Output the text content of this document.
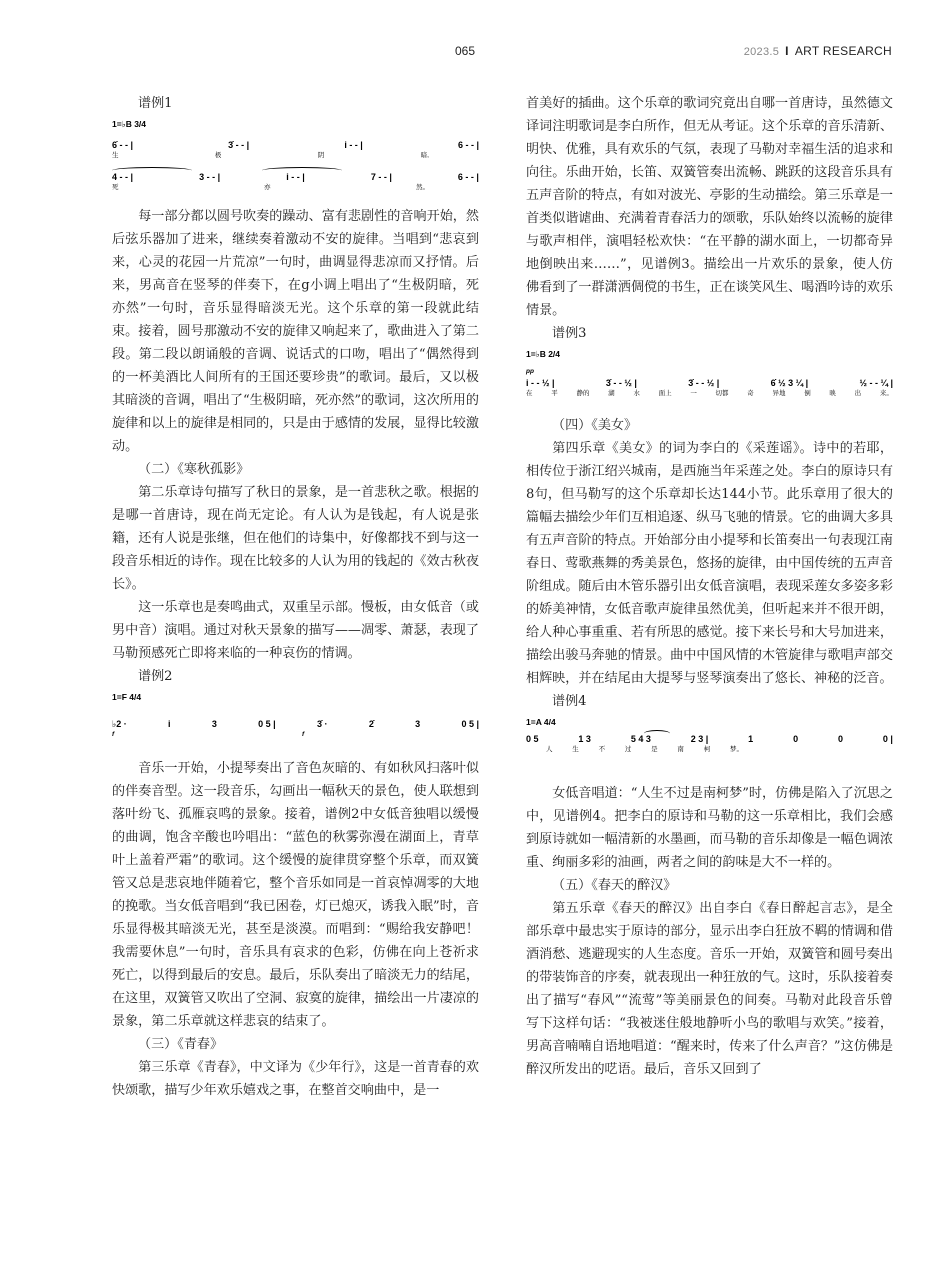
065	2023.5 I ART RESEARCH

谱例1

1=♭B 3/4
6̇ - - |	3̇ - - |	i - - |	6 - - |
生	极	阴	暗,
4 - - |	3 - - |	i - - |	7 - - |	6 - - |
死	亦	然。

每一部分都以圆号吹奏的躁动、富有悲剧性的音响开始，然后弦乐器加了进来，继续奏着激动不安的旋律。当唱到“悲哀到来，心灵的花园一片荒凉”一句时，曲调显得悲凉而又抒情。后来，男高音在竖琴的伴奏下，在g小调上唱出了“生极阴暗，死亦然”一句时，音乐显得暗淡无光。这个乐章的第一段就此结束。接着，圆号那激动不安的旋律又响起来了，歌曲进入了第二段。第二段以朗诵般的音调、说话式的口吻，唱出了“偶然得到的一杯美酒比人间所有的王国还要珍贵”的歌词。最后，又以极其暗淡的音调，唱出了“生极阴暗，死亦然”的歌词，这次所用的旋律和以上的旋律是相同的，只是由于感情的发展，显得比较激动。

（二）《寒秋孤影》

第二乐章诗句描写了秋日的景象，是一首悲秋之歌。根据的是哪一首唐诗，现在尚无定论。有人认为是钱起，有人说是张籍，还有人说是张继，但在他们的诗集中，好像都找不到与这一段音乐相近的诗作。现在比较多的人认为用的钱起的《效古秋夜长》。

这一乐章也是奏鸣曲式，双重呈示部。慢板，由女低音（或男中音）演唱。通过对秋天景象的描写——凋零、萧瑟，表现了马勒预感死亡即将来临的一种哀伤的情调。

谱例2

1=F 4/4
♭2 ·	i	3	0 5 |	3̇ ·	2̇	3	0 5 |
f	f

音乐一开始，小提琴奏出了音色灰暗的、有如秋风扫落叶似的伴奏音型。这一段音乐，勾画出一幅秋天的景色，使人联想到落叶纷飞、孤雁哀鸣的景象。接着，谱例2中女低音独唱以缓慢的曲调，饱含辛酸也吟唱出：“蓝色的秋雾弥漫在湖面上，青草叶上盖着严霜”的歌词。这个缓慢的旋律贯穿整个乐章，而双簧管又总是悲哀地伴随着它，整个音乐如同是一首哀悼凋零的大地的挽歌。当女低音唱到“我已困卷，灯已熄灭，诱我入眠”时，音乐显得极其暗淡无光，甚至是淡漠。而唱到：“赐给我安静吧！我需要休息”一句时，音乐具有哀求的色彩，仿佛在向上苍祈求死亡，以得到最后的安息。最后，乐队奏出了暗淡无力的结尾，在这里，双簧管又吹出了空洞、寂寞的旋律，描绘出一片凄凉的景象，第二乐章就这样悲哀的结束了。

（三）《青春》

第三乐章《青春》，中文译为《少年行》，这是一首青春的欢快颂歌，描写少年欢乐嬉戏之事，在整首交响曲中，是一

首美好的插曲。这个乐章的歌词究竟出自哪一首唐诗，虽然德文译词注明歌词是李白所作，但无从考证。这个乐章的音乐清新、明快、优雅，具有欢乐的气氛，表现了马勒对幸福生活的追求和向往。乐曲开始，长笛、双簧管奏出流畅、跳跃的这段音乐具有五声音阶的特点，有如对波光、亭影的生动描绘。第三乐章是一首类似谐谑曲、充满着青春活力的颂歌，乐队始终以流畅的旋律与歌声相伴，演唱轻松欢快：“在平静的湖水面上，一切都奇异地倒映出来……”，见谱例3。描绘出一片欢乐的景象，使人仿佛看到了一群潇洒倜傥的书生，正在谈笑风生、喝酒吟诗的欢乐情景。

谱例3

1=♭B 2/4
pp
i - - ½ |	3̇ - - ½ |	3̇ - - ½ |	6̇ ½ 3 ¼ |	½ - - ¼ |
在	平	静的	湖	水	面上	一	切都	奇	异地	倒	映	出	来。

（四）《美女》

第四乐章《美女》的词为李白的《采莲谣》。诗中的若耶，相传位于浙江绍兴城南，是西施当年采莲之处。李白的原诗只有8句，但马勒写的这个乐章却长达144小节。此乐章用了很大的篇幅去描绘少年们互相追逐、纵马飞驰的情景。它的曲调大多具有五声音阶的特点。开始部分由小提琴和长笛奏出一句表现江南春日、莺歌燕舞的秀美景色，悠扬的旋律，由中国传统的五声音阶组成。随后由木管乐器引出女低音演唱，表现采莲女多姿多彩的娇美神情，女低音歌声旋律虽然优美，但听起来并不很开朗，给人种心事重重、若有所思的感觉。接下来长号和大号加进来，描绘出骏马奔驰的情景。曲中中国风情的木管旋律与歌唱声部交相辉映，并在结尾由大提琴与竖琴演奏出了悠长、神秘的泛音。

谱例4

1=A 4/4
0 5	1 3	5 4 3	2 3 |	1	0	0	0 |
人	生	不	过	是	南	柯	梦。

女低音唱道：“人生不过是南柯梦”时，仿佛是陷入了沉思之中，见谱例4。把李白的原诗和马勒的这一乐章相比，我们会感到原诗就如一幅清新的水墨画，而马勒的音乐却像是一幅色调浓重、绚丽多彩的油画，两者之间的韵味是大不一样的。

（五）《春天的醉汉》

第五乐章《春天的醉汉》出自李白《春日醉起言志》，是全部乐章中最忠实于原诗的部分，显示出李白狂放不羁的情调和借酒消愁、逃避现实的人生态度。音乐一开始，双簧管和圆号奏出的带装饰音的序奏，就表现出一种狂放的气。这时，乐队接着奏出了描写“春风”“流莺”等美丽景色的间奏。马勒对此段音乐曾写下这样句话：“我被迷住般地静听小鸟的歌唱与欢笑。”接着，男高音喃喃自语地唱道：“醒来时，传来了什么声音？”这仿佛是醉汉所发出的呓语。最后，音乐又回到了
